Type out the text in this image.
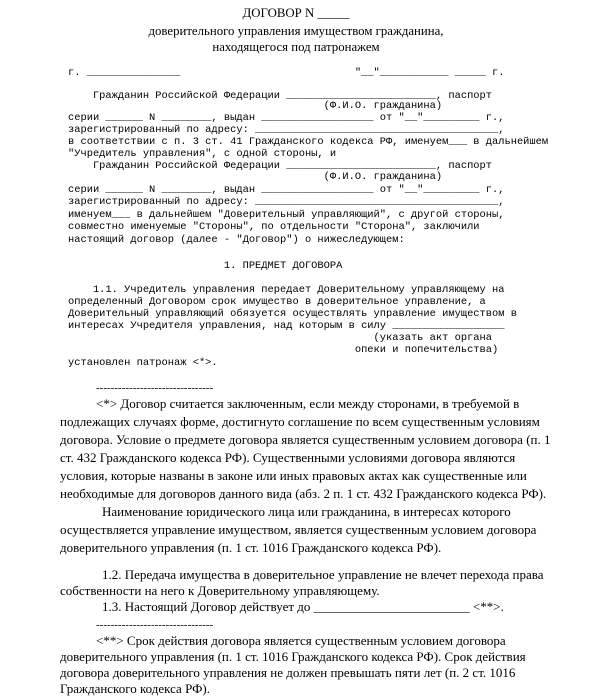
ДОГОВОР N _____
доверительного управления имуществом гражданина,
находящегося под патронажем
г. _______________                            "__"___________ _____ г.
Гражданин Российской Федерации ________________________, паспорт
(Ф.И.О. гражданина)
серии ______ N ________, выдан __________________ от "__"_________ г.,
зарегистрированный по адресу: _______________________________________,
в соответствии с п. 3 ст. 41 Гражданского кодекса РФ, именуем___ в дальнейшем
"Учредитель управления", с одной стороны, и
Гражданин Российской Федерации ________________________, паспорт
(Ф.И.О. гражданина)
серии ______ N ________, выдан __________________ от "__"_________ г.,
зарегистрированный по адресу: _______________________________________,
именуем___ в дальнейшем "Доверительный управляющий", с другой стороны,
совместно именуемые "Стороны", по отдельности "Сторона", заключили
настоящий договор (далее - "Договор") о нижеследующем:
1. ПРЕДМЕТ ДОГОВОРА
1.1. Учредитель управления передает Доверительному управляющему на
определенный Договором срок имущество в доверительное управление, а
Доверительный управляющий обязуется осуществлять управление имуществом в
интересах Учредителя управления, над которым в силу __________________
(указать акт органа
опеки и попечительства)
установлен патронаж <*>.
--------------------------------
<*> Договор считается заключенным, если между сторонами, в требуемой в
подлежащих случаях форме, достигнуто соглашение по всем существенным условиям
договора. Условие о предмете договора является существенным условием договора (п. 1
ст. 432 Гражданского кодекса РФ). Существенными условиями договора являются
условия, которые названы в законе или иных правовых актах как существенные или
необходимые для договоров данного вида (абз. 2 п. 1 ст. 432 Гражданского кодекса РФ).
Наименование юридического лица или гражданина, в интересах которого
осуществляется управление имуществом, является существенным условием договора
доверительного управления (п. 1 ст. 1016 Гражданского кодекса РФ).
1.2. Передача имущества в доверительное управление не влечет перехода права
собственности на него к Доверительному управляющему.
1.3. Настоящий Договор действует до ________________________ <**>.
--------------------------------
<**> Срок действия договора является существенным условием договора
доверительного управления (п. 1 ст. 1016 Гражданского кодекса РФ). Срок действия
договора доверительного управления не должен превышать пяти лет (п. 2 ст. 1016
Гражданского кодекса РФ).
